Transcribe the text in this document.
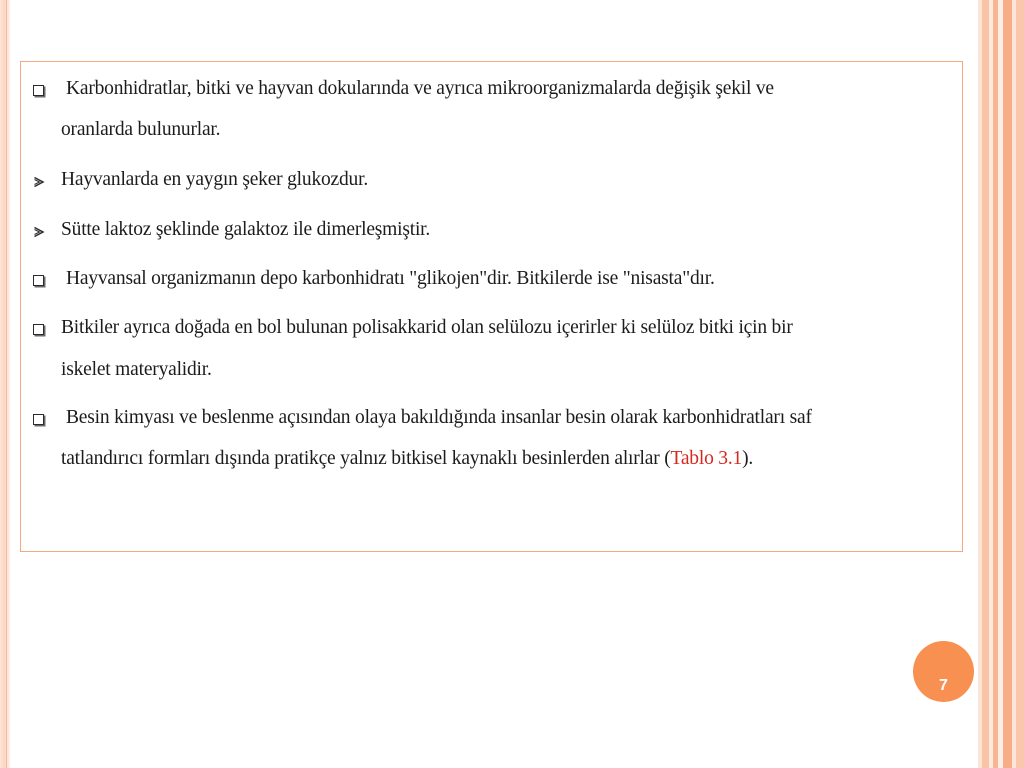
Karbonhidratlar, bitki ve hayvan dokularında ve ayrıca mikroorganizmalarda değişik şekil ve
oranlarda bulunurlar.
Hayvanlarda en yaygın şeker glukozdur.
Sütte laktoz şeklinde galaktoz ile dimerleşmiştir.
Hayvansal organizmanın depo karbonhidratı "glikojen"dir. Bitkilerde ise "nisasta"dır.
Bitkiler ayrıca doğada en bol bulunan polisakkarid olan selülozu içerirler ki selüloz bitki için bir
iskelet materyalidir.
Besin kimyası ve beslenme açısından olaya bakıldığında insanlar besin olarak karbonhidratları saf
tatlandırıcı formları dışında pratikçe yalnız bitkisel kaynaklı besinlerden alırlar (Tablo 3.1).
7
